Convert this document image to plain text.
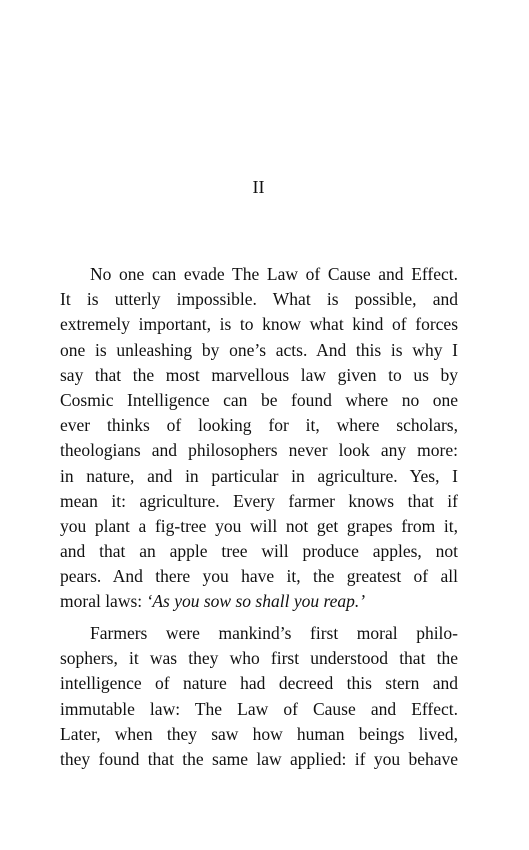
II
No one can evade The Law of Cause and Effect.
It is utterly impossible. What is possible, and
extremely important, is to know what kind of forces
one is unleashing by one’s acts. And this is why I
say that the most marvellous law given to us by
Cosmic Intelligence can be found where no one
ever thinks of looking for it, where scholars,
theologians and philosophers never look any more:
in nature, and in particular in agriculture. Yes, I
mean it: agriculture. Every farmer knows that if
you plant a fig-tree you will not get grapes from it,
and that an apple tree will produce apples, not
pears. And there you have it, the greatest of all
moral laws: ‘As you sow so shall you reap.’
Farmers were mankind’s first moral philo-
sophers, it was they who first understood that the
intelligence of nature had decreed this stern and
immutable law: The Law of Cause and Effect.
Later, when they saw how human beings lived,
they found that the same law applied: if you behave
